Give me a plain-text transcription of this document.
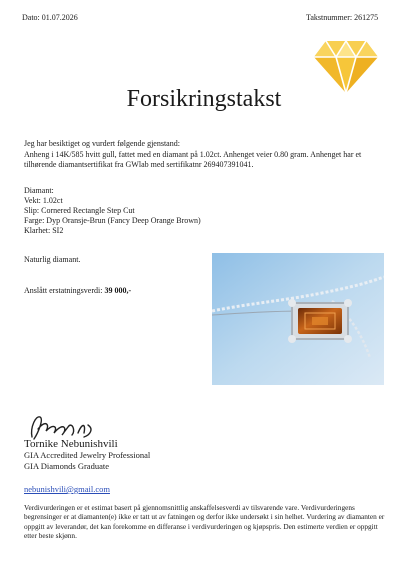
Dato: 01.07.2026	Takstnummer: 261275
Forsikringstakst
Jeg har besiktiget og vurdert følgende gjenstand:
Anheng i 14K/585 hvitt gull, fattet med en diamant på 1.02ct. Anhenget veier 0.80 gram. Anhenget har et tilhørende diamantsertifikat fra GWlab med sertifikatnr 269407391041.
Diamant:
Vekt: 1.02ct
Slip: Cornered Rectangle Step Cut
Farge: Dyp Oransje-Brun (Fancy Deep Orange Brown)
Klarhet: SI2
Naturlig diamant.
Anslått erstatningsverdi: 39 000,-
Tornike Nebunishvili
GIA Accredited Jewelry Professional
GIA Diamonds Graduate
nebunishvili@gmail.com
Verdivurderingen er et estimat basert på gjennomsnittlig anskaffelsesverdi av tilsvarende vare. Verdivurderingens begrensinger er at diamanten(e) ikke er tatt ut av fatningen og derfor ikke undersøkt i sin helhet. Vurdering av diamanten er oppgitt av leverandør, det kan forekomme en differanse i verdivurderingen og kjøpspris. Den estimerte verdien er oppgitt etter beste skjønn.
